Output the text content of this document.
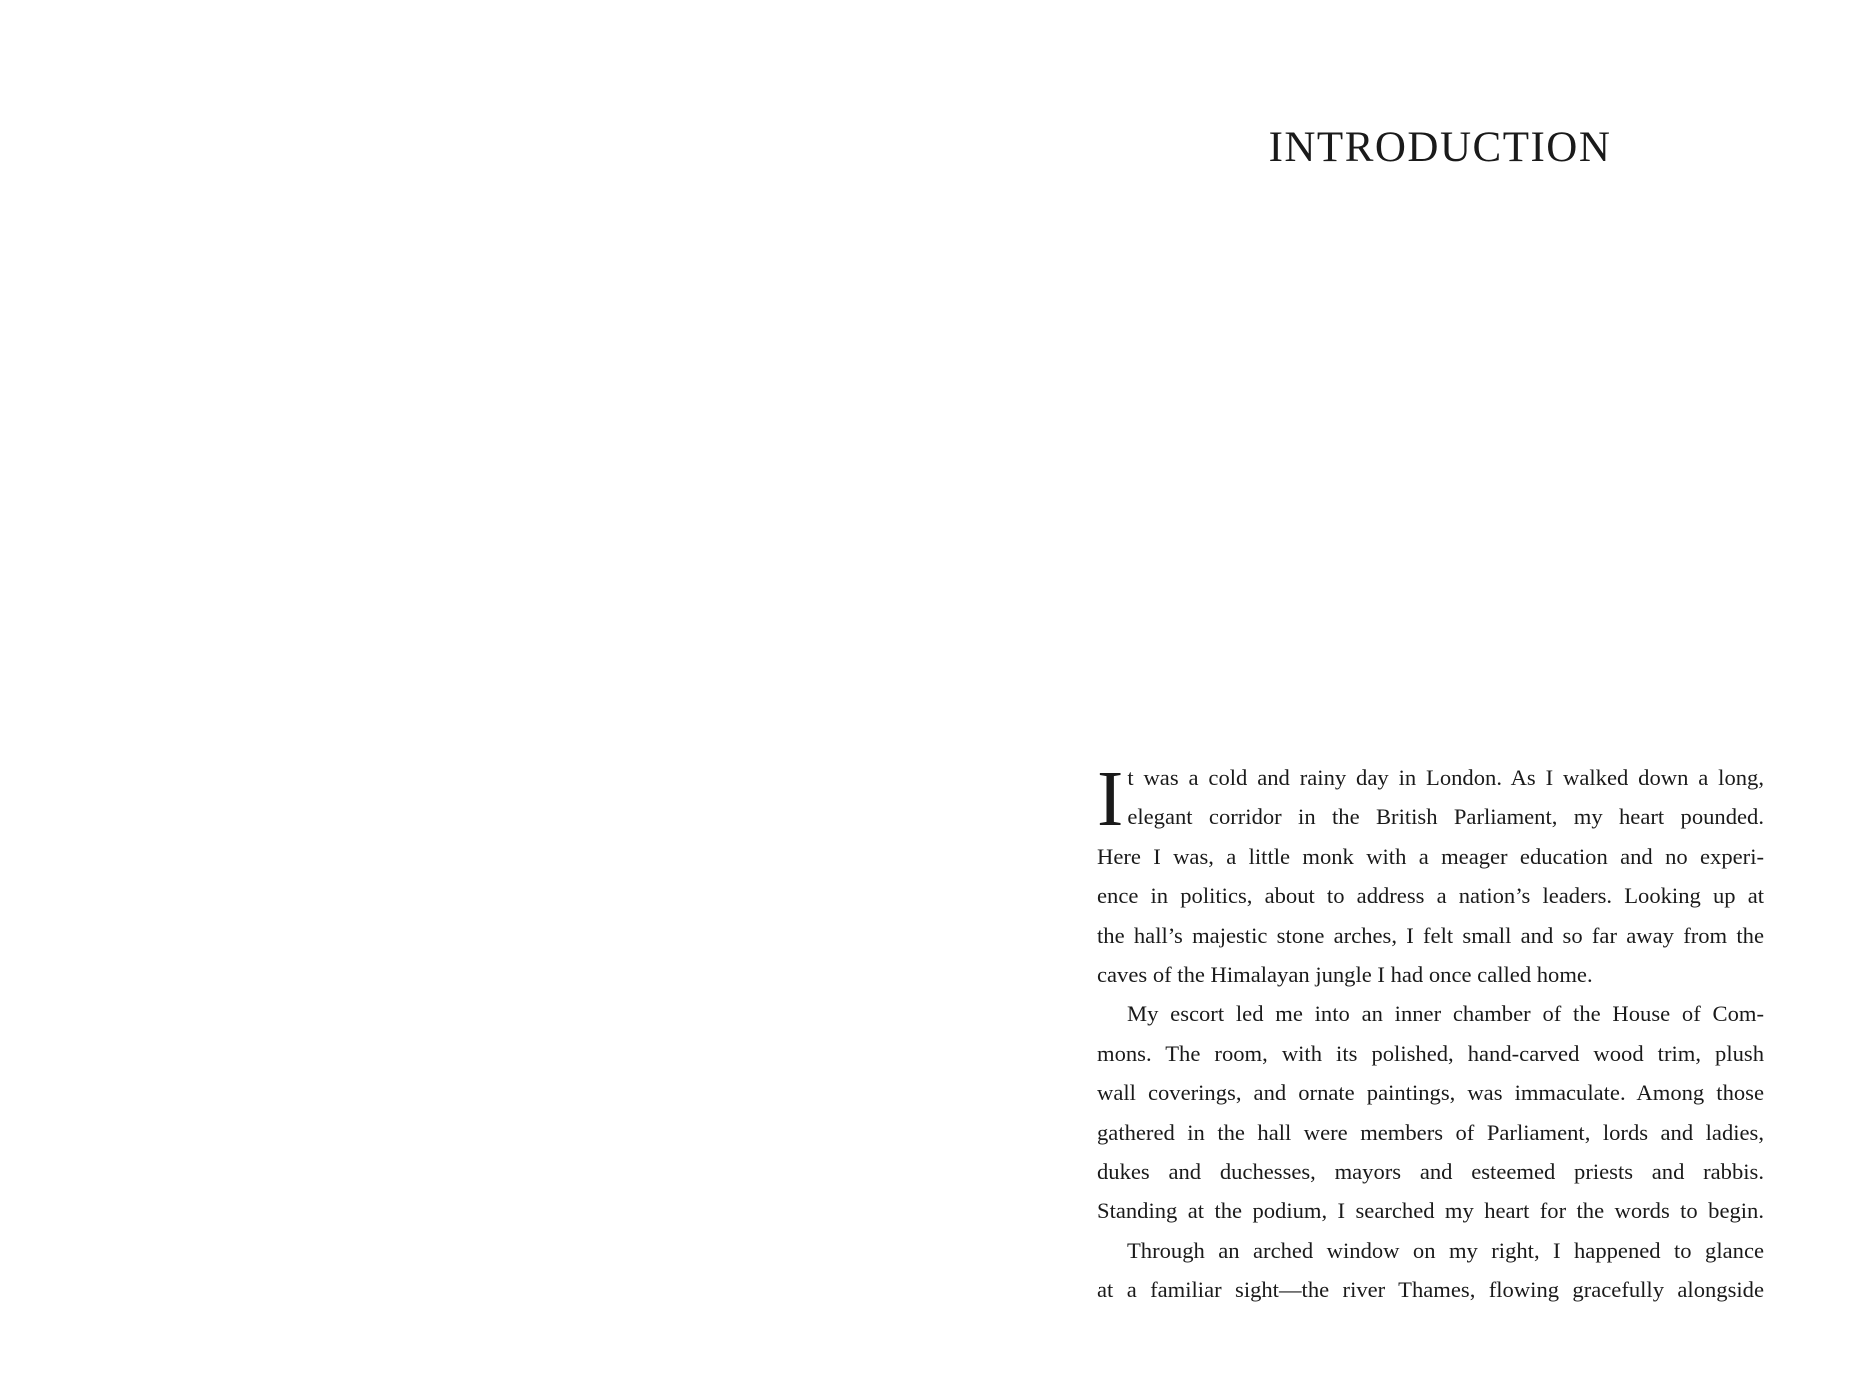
INTRODUCTION
I t was a cold and rainy day in London. As I walked down a long,
elegant corridor in the British Parliament, my heart pounded.
Here I was, a little monk with a meager education and no experi-
ence in politics, about to address a nation’s leaders. Looking up at
the hall’s majestic stone arches, I felt small and so far away from the
caves of the Himalayan jungle I had once called home.
My escort led me into an inner chamber of the House of Com-
mons. The room, with its polished, hand-carved wood trim, plush
wall coverings, and ornate paintings, was immaculate. Among those
gathered in the hall were members of Parliament, lords and ladies,
dukes and duchesses, mayors and esteemed priests and rabbis.
Standing at the podium, I searched my heart for the words to begin.
Through an arched window on my right, I happened to glance
at a familiar sight—the river Thames, flowing gracefully alongside
